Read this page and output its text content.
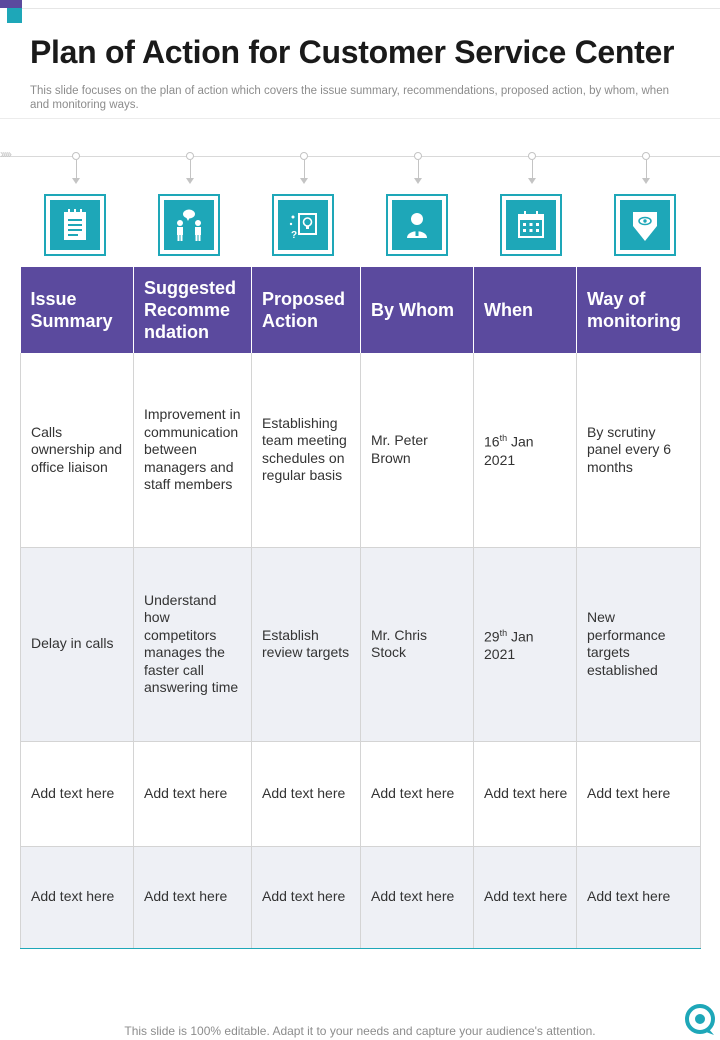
Plan of Action for Customer Service Center

This slide focuses on the plan of action which covers the issue summary, recommendations, proposed action, by whom, when and monitoring ways.

›››››
?
Issue Summary	Suggested Recomme ndation	Proposed Action	By Whom	When	Way of monitoring
Calls ownership and office liaison	Improvement in communication between managers and staff members	Establishing team meeting schedules on regular basis	Mr. Peter Brown	16th Jan 2021	By scrutiny panel every 6 months
Delay in calls	Understand how competitors manages the faster call answering time	Establish review targets	Mr. Chris Stock	29th Jan 2021	New performance targets established
Add text here	Add text here	Add text here	Add text here	Add text here	Add text here
Add text here	Add text here	Add text here	Add text here	Add text here	Add text here

This slide is 100% editable. Adapt it to your needs and capture your audience's attention.
